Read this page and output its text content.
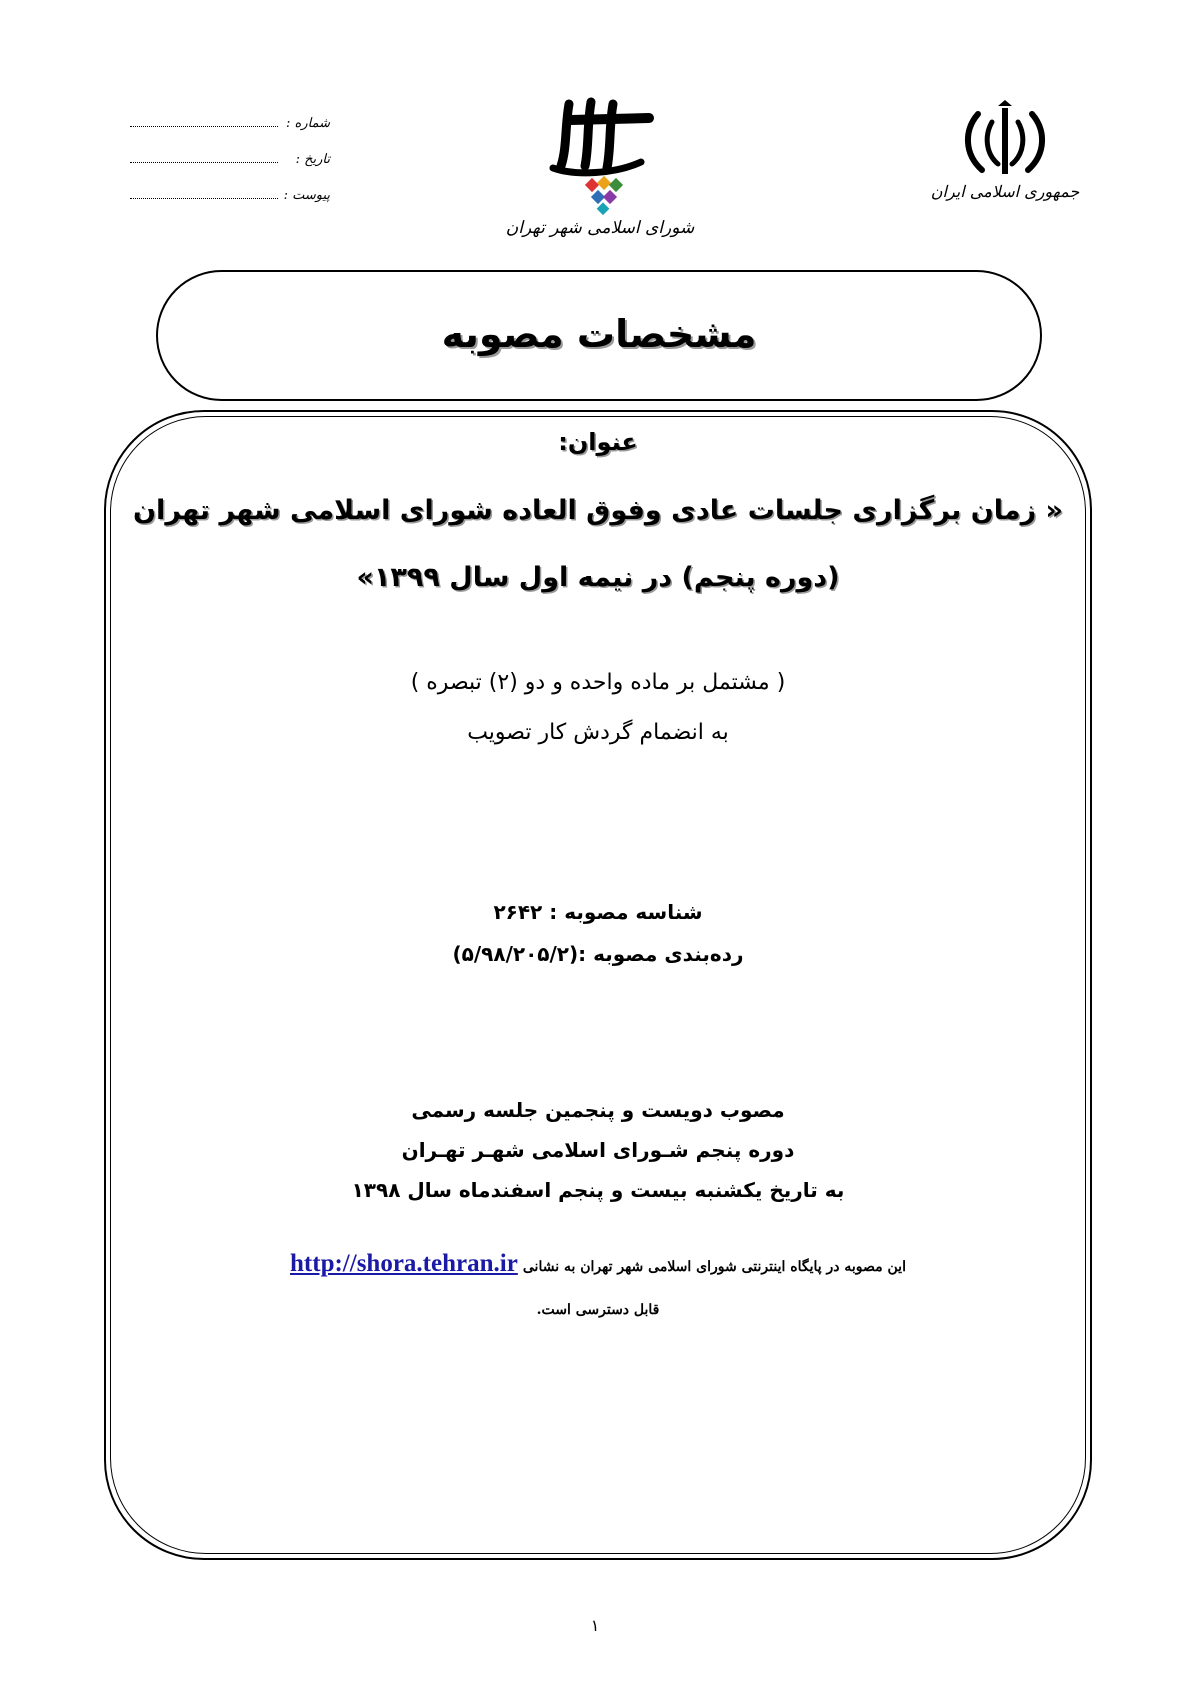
جمهوری اسلامی ایران
شورای اسلامی شهر تهران
شماره :
تاریخ :
پیوست :
مشخصات مصوبه
عنوان:
« زمان برگزاری جلسات عادی وفوق العاده شورای اسلامی شهر تهران
(دوره پنجم) در نیمه اول سال ۱۳۹۹»
( مشتمل بر ماده واحده و دو (۲) تبصره )
به انضمام گردش کار تصویب
شناسه مصوبه : ۲۶۴۲
رده‌بندی مصوبه :(۵/۹۸/۲۰۵/۲)
مصوب دویست و پنجمین جلسه رسمی
دوره پنجم شـورای اسلامی شهـر تهـران
به تاریخ یکشنبه بیست و پنجم اسفندماه سال ۱۳۹۸
این مصوبه در پایگاه اینترنتی شورای اسلامی شهر تهران به نشانی http://shora.tehran.ir
قابل دسترسی است.
۱
